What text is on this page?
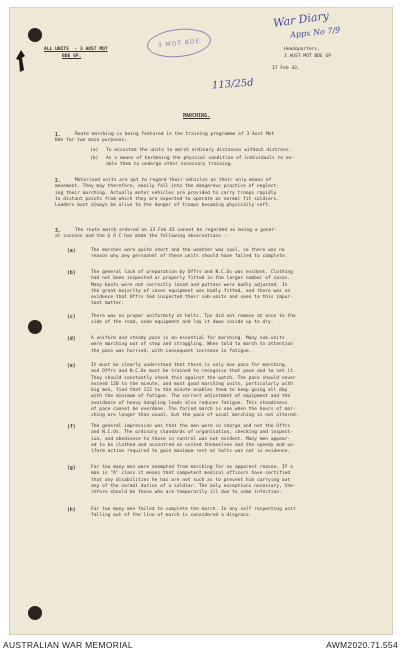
ALL UNITS  - 3 AUST MOT
BDE GP.
3 MOT BDE
Headquarters,
3 AUST MOT BDE GP
17 Feb 43.
War Diary
Appx No 7/9
113/25d
MARCHING.
1.	Route marching is being featured in the training programme of 3 Aust Mot
Bde for two main purposes;
(a) To accustom the units to march ordinary distances without distress.
(b) As a means of hardening the physical condition of individuals to en-
able them to undergo other necessary training.
2.	Motorised units are apt to regard their vehicles as their only means of
movement. They may therefore, easily fall into the dangerous practice of neglect-
ing their marching. Actually motor vehicles are provided to carry troops rapidly
to distant points from which they are expected to operate as normal fit soldiers.
Leaders must always be alive to the danger of troops becoming physically soft.
3.	The route march ordered on 13 Feb 43 cannot be regarded as being a gener-
al success and the G O C has made the following observations :-
(a)	The marches were quite short and the weather was cool, so there was no
reason why any personnel of these units should have failed to complete.
(b)	The general lack of preparation by Offrs and N.C.Os was evident. Clothing
had not been inspected or properly fitted in the larger number of cases.
Many boots were not correctly laced and puttees were badly adjusted. In
the great majority of cases equipment was badly fitted, and there was no
evidence that Offrs had inspected their sub-units and seen to this impor-
tant matter.
(c)	There was no proper uniformity at halts. Tps did not remove at once to the
side of the road, undo equipment and lay it down inside up to dry.
(d)	A uniform and steady pace is an essential for marching. Many sub-units
were marching out of step and straggling. When told to march to attention
the pace was hurried, with consequent increase in fatigue.
(e)	It must be clearly understood that there is only one pace for marching,
and Offrs and N.C.Os must be trained to recognise that pace and to set it.
They should constantly check this against the watch. The pace should never
exceed 120 to the minute, and must good marching units, particularly with
big men, find that 112 to the minute enables them to keep going all day
with the minimum of fatigue. The correct adjustment of equipment and the
avoidance of heavy dangling loads also reduces fatigue. This steadiness
of pace cannot be overdone. The forced march is one when the hours of mar-
ching are longer than usual, but the pace of usual marching is not altered.
(f)	The general impression was that the men were in charge and not the Offrs
and N.C.Os. The ordinary standards of organisation, checking and inspect-
ion, and obedience to those in control was not evident. Many men appear-
ed to be clothed and accoutred as suited themselves and the speedy and un-
iform action required to gain maximum rest at halts was not in evidence.
(g)	Far too many men were exempted from marching for no apparent reason. If a
man is "A" class it means that competent medical officers have certified
that any disabilities he has are not such as to prevent him carrying out
any of the normal duties of a soldier. The only exceptions necessary, the-
refore should be those who are temporarily ill due to some infection.
(h)	Far too many men failed to complete the march. In any self respecting unit
falling out of the line of march is considered a disgrace.
AUSTRALIAN WAR MEMORIAL	AWM2020.71.554
